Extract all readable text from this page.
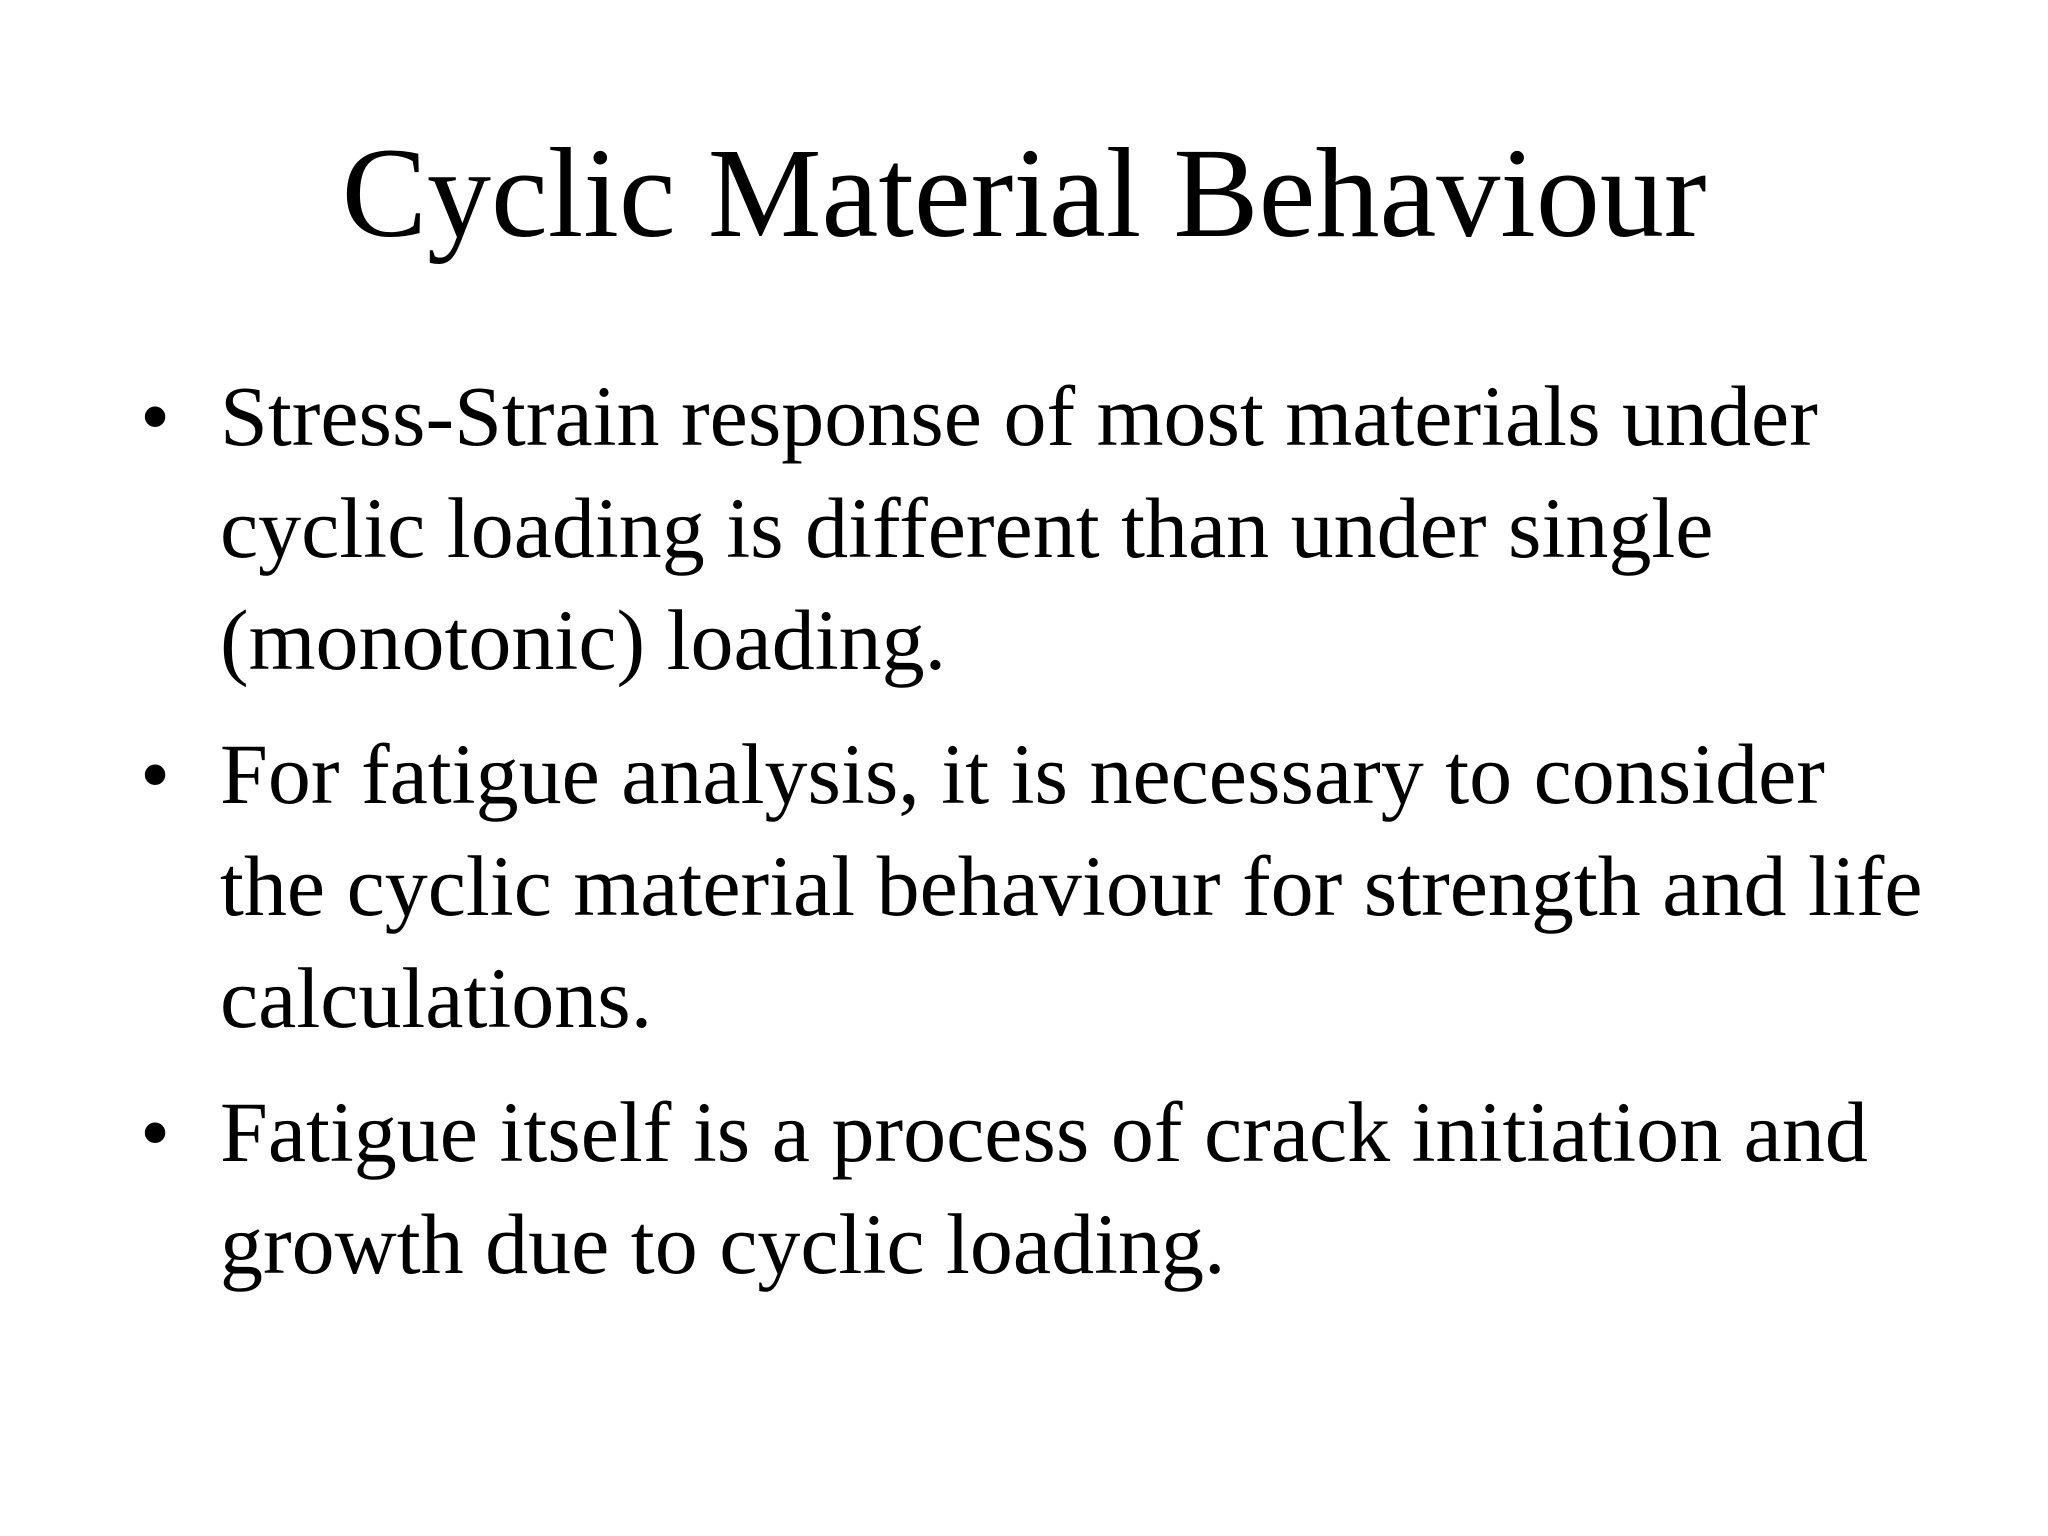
Cyclic Material Behaviour
• Stress-Strain response of most materials under cyclic loading is different than under single (monotonic) loading.
• For fatigue analysis, it is necessary to consider the cyclic material behaviour for strength and life calculations.
• Fatigue itself is a process of crack initiation and growth due to cyclic loading.
